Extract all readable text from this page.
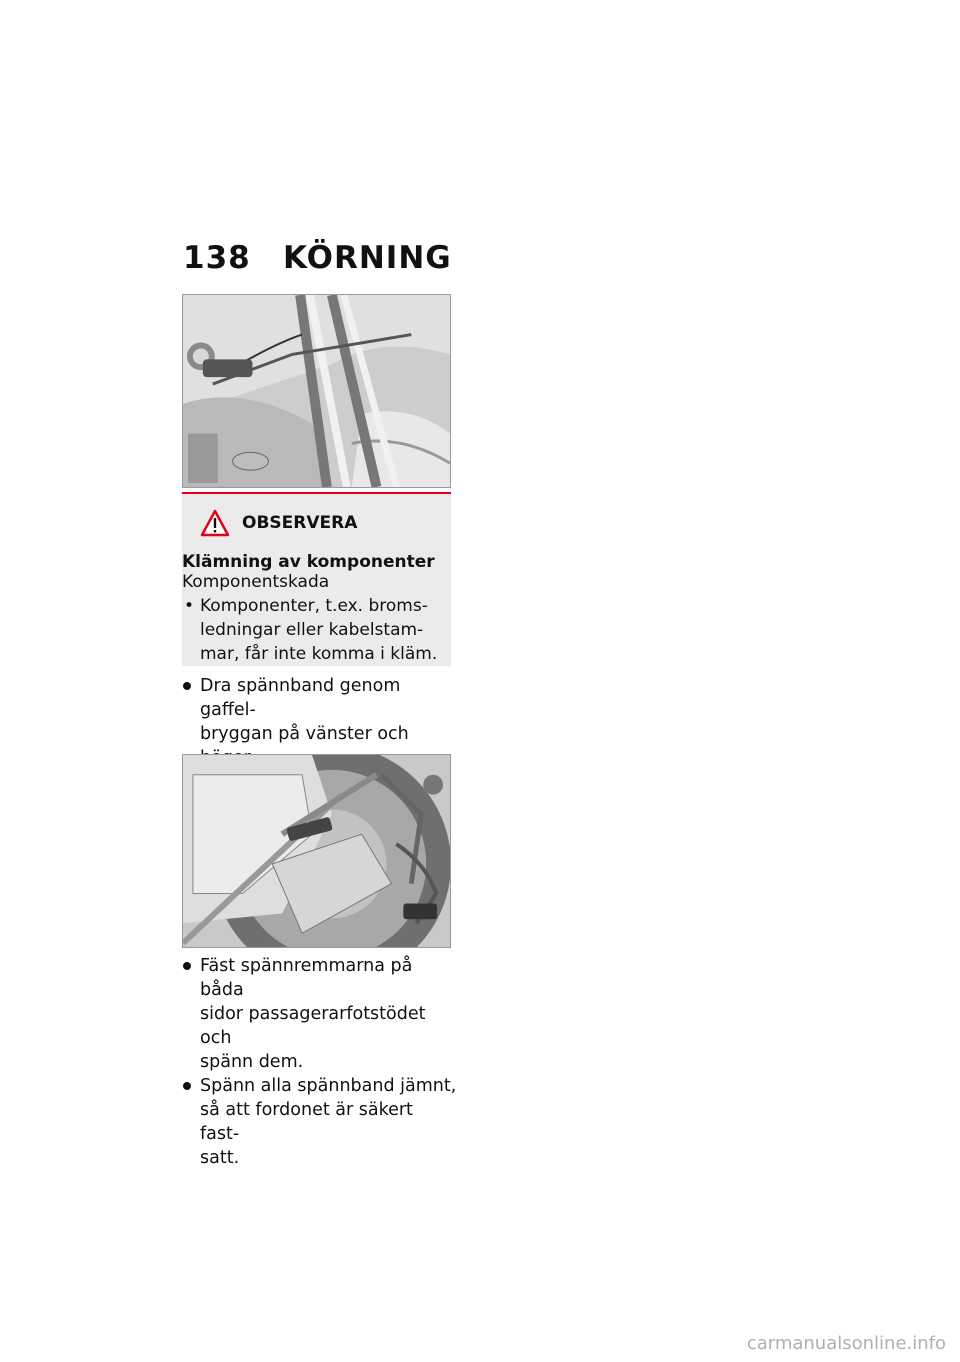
138 KÖRNING
OBSERVERA
Klämning av komponenter
Komponentskada
• Komponenter, t.ex. broms-
ledningar eller kabelstam-
mar, får inte komma i kläm.
Dra spännband genom gaffel-
bryggan på vänster och
Fäst spännremmarna på båda
sidor passagerarfotstödet och
spänn dem.
Spänn alla spännband jämnt,
så att fordonet är säkert fast-
satt.
carmanualsonline.info
